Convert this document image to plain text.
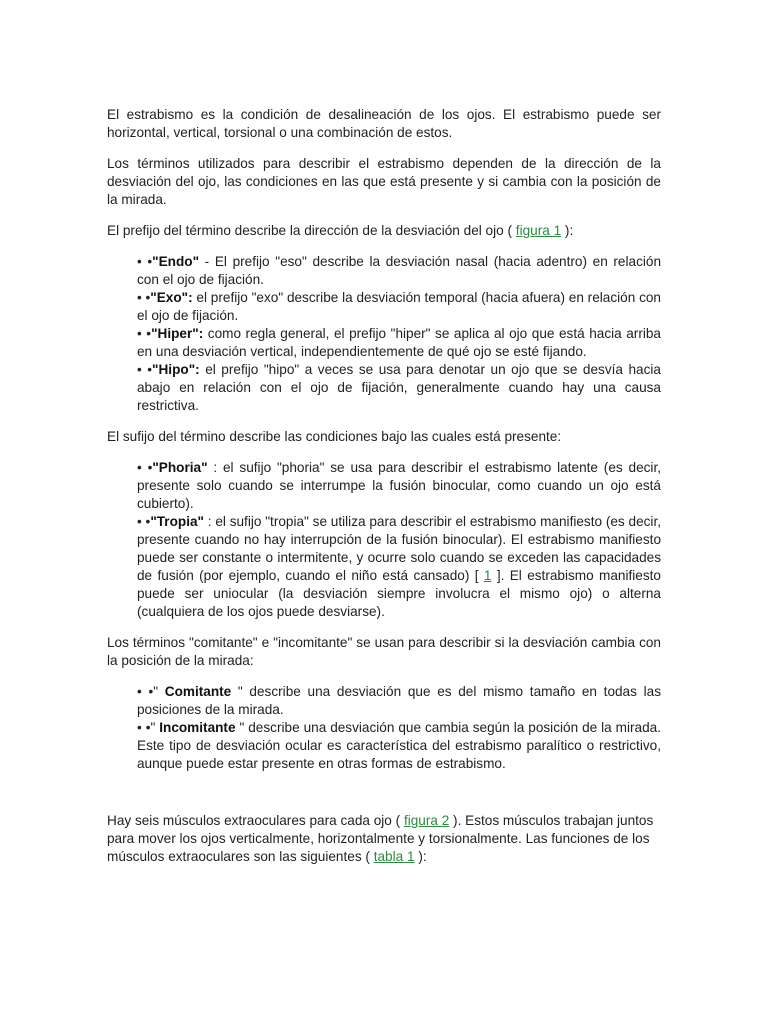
El estrabismo es la condición de desalineación de los ojos. El estrabismo puede ser horizontal, vertical, torsional o una combinación de estos.

Los términos utilizados para describir el estrabismo dependen de la dirección de la desviación del ojo, las condiciones en las que está presente y si cambia con la posición de la mirada.

El prefijo del término describe la dirección de la desviación del ojo ( figura 1 ):

• •"Endo" - El prefijo "eso" describe la desviación nasal (hacia adentro) en relación con el ojo de fijación.
• •"Exo": el prefijo "exo" describe la desviación temporal (hacia afuera) en relación con el ojo de fijación.
• •"Hiper": como regla general, el prefijo "hiper" se aplica al ojo que está hacia arriba en una desviación vertical, independientemente de qué ojo se esté fijando.
• •"Hipo": el prefijo "hipo" a veces se usa para denotar un ojo que se desvía hacia abajo en relación con el ojo de fijación, generalmente cuando hay una causa restrictiva.

El sufijo del término describe las condiciones bajo las cuales está presente:

• •"Phoria" : el sufijo "phoria" se usa para describir el estrabismo latente (es decir, presente solo cuando se interrumpe la fusión binocular, como cuando un ojo está cubierto).
• •"Tropia" : el sufijo "tropia" se utiliza para describir el estrabismo manifiesto (es decir, presente cuando no hay interrupción de la fusión binocular). El estrabismo manifiesto puede ser constante o intermitente, y ocurre solo cuando se exceden las capacidades de fusión (por ejemplo, cuando el niño está cansado) [ 1 ]. El estrabismo manifiesto puede ser uniocular (la desviación siempre involucra el mismo ojo) o alterna (cualquiera de los ojos puede desviarse).

Los términos "comitante" e "incomitante" se usan para describir si la desviación cambia con la posición de la mirada:

• •" Comitante " describe una desviación que es del mismo tamaño en todas las posiciones de la mirada.
• •" Incomitante " describe una desviación que cambia según la posición de la mirada. Este tipo de desviación ocular es característica del estrabismo paralítico o restrictivo, aunque puede estar presente en otras formas de estrabismo.

Hay seis músculos extraoculares para cada ojo ( figura 2 ). Estos músculos trabajan juntos para mover los ojos verticalmente, horizontalmente y torsionalmente. Las funciones de los músculos extraoculares son las siguientes ( tabla 1 ):
